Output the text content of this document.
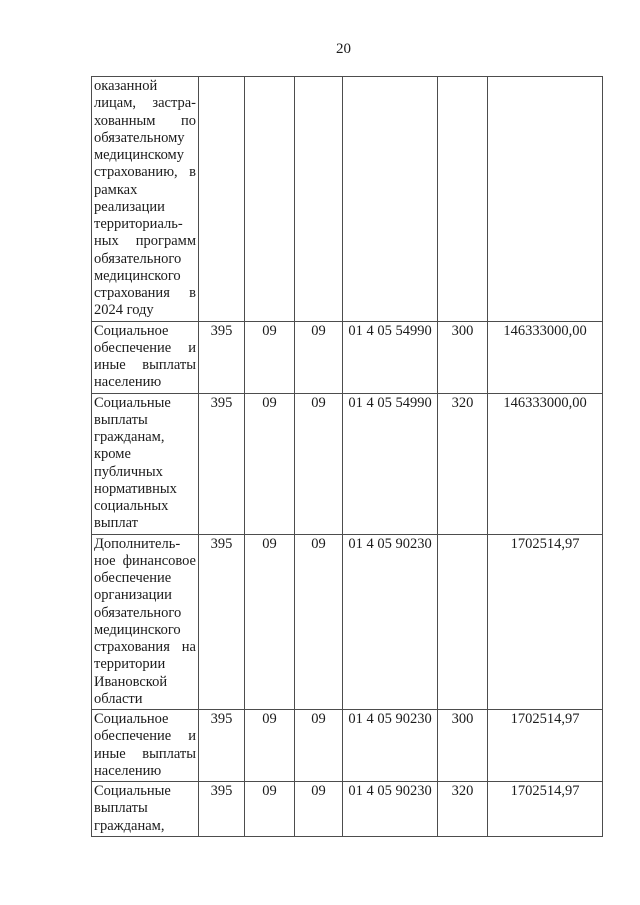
20
оказанной
лицам, застра-
хованным по
обязательному
медицинскому
страхованию, в
рамках
реализации
территориаль-
ных программ
обязательного
медицинского
страхования в
2024 году

Социальное
обеспечение и
иные выплаты
населению	395	09	09	01 4 05 54990	300	146333000,00

Социальные
выплаты
гражданам,
кроме
публичных
нормативных
социальных
выплат
	395	09	09	01 4 05 54990	320	146333000,00

Дополнитель-
ное финансовое
обеспечение
организации
обязательного
медицинского
страхования на
территории
Ивановской
области
	395	09	09	01 4 05 90230		1702514,97

Социальное
обеспечение и
иные выплаты
населению	395	09	09	01 4 05 90230	300	1702514,97

Социальные
выплаты
гражданам,	395	09	09	01 4 05 90230	320	1702514,97
